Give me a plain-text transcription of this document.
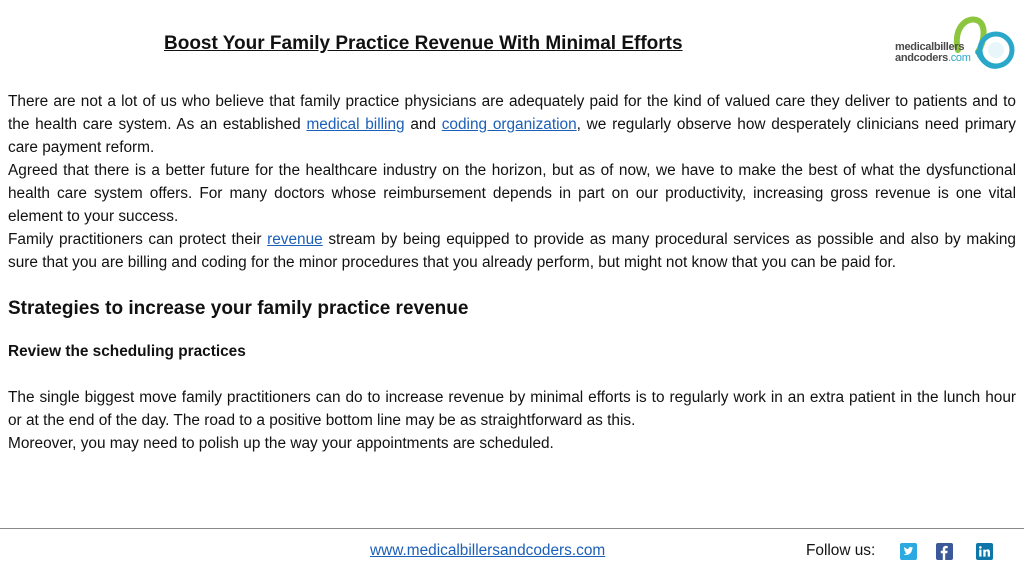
Boost Your Family Practice Revenue With Minimal Efforts	medicalbillers
andcoders.com

There are not a lot of us who believe that family practice physicians are adequately paid for the kind of valued care they deliver to patients and to the health care system. As an established medical billing and coding organization, we regularly observe how desperately clinicians need primary care payment reform.

Agreed that there is a better future for the healthcare industry on the horizon, but as of now, we have to make the best of what the dysfunctional health care system offers. For many doctors whose reimbursement depends in part on our productivity, increasing gross revenue is one vital element to your success.

Family practitioners can protect their revenue stream by being equipped to provide as many procedural services as possible and also by making sure that you are billing and coding for the minor procedures that you already perform, but might not know that you can be paid for.

Strategies to increase your family practice revenue
Review the scheduling practices

The single biggest move family practitioners can do to increase revenue by minimal efforts is to regularly work in an extra patient in the lunch hour or at the end of the day. The road to a positive bottom line may be as straightforward as this.

Moreover, you may need to polish up the way your appointments are scheduled.

www.medicalbillersandcoders.com	Follow us:
